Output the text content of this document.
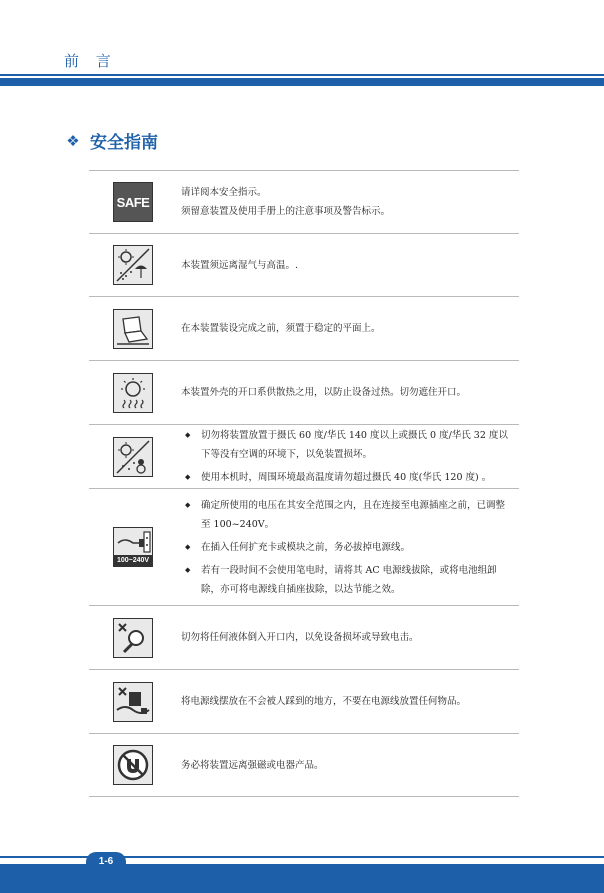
前 言
❖ 安全指南
SAFE

请详阅本安全指示。

须留意装置及使用手册上的注意事项及警告标示。

本装置须远离湿气与高温。.

在本装置装设完成之前，须置于稳定的平面上。

本装置外壳的开口系供散热之用，以防止设备过热。切勿遮住开口。

◆ 切勿将装置放置于摄氏 60 度/华氏 140 度以上或摄氏 0 度/华氏 32 度以下等没有空调的环境下，以免装置损坏。
◆ 使用本机时，周围环境最高温度请勿超过摄氏 40 度(华氏 120 度) 。
100~240V
◆ 确定所使用的电压在其安全范围之内，且在连接至电源插座之前，已调整至 100~240V。
◆ 在插入任何扩充卡或模块之前，务必拔掉电源线。
◆ 若有一段时间不会使用笔电时，请将其 AC 电源线拔除，或将电池组卸除，亦可将电源线自插座拔除，以达节能之效。

切勿将任何液体倒入开口内，以免设备损坏或导致电击。

将电源线摆放在不会被人踩到的地方，不要在电源线放置任何物品。

务必将装置远离强磁或电器产品。

1-6
